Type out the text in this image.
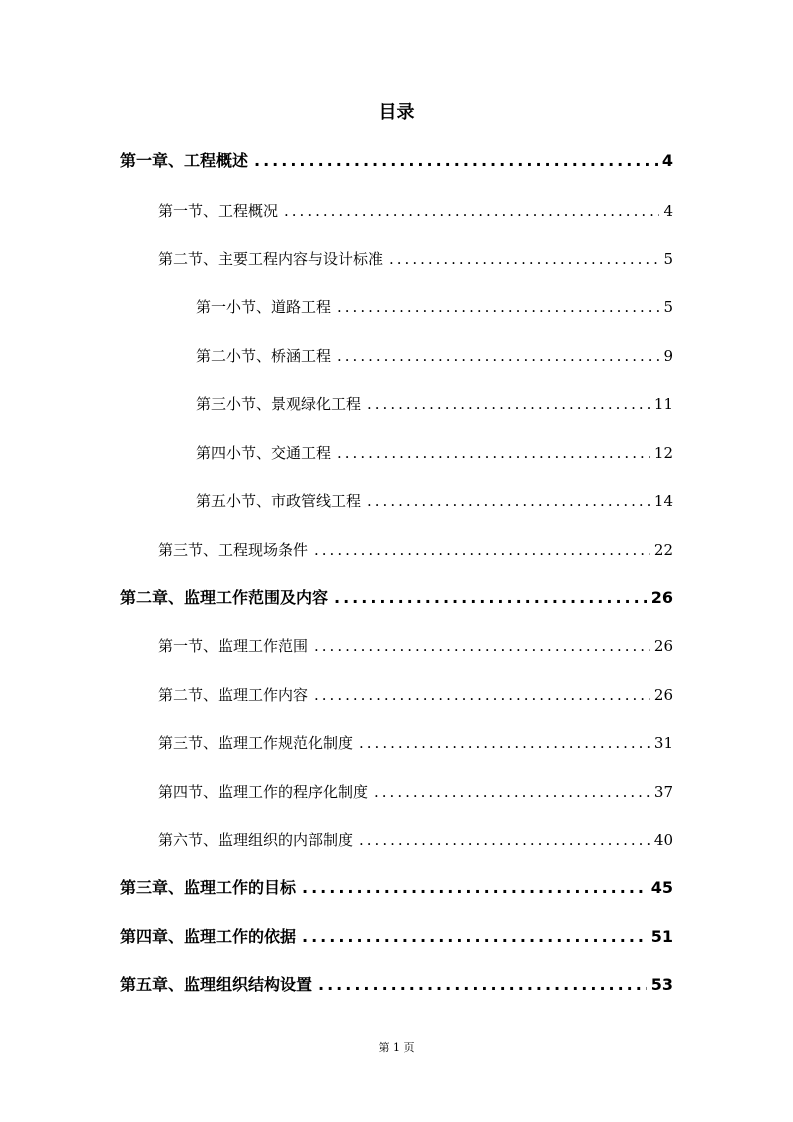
目录
第一章、工程概述 .....	4
第一节、工程概况 .....	4
第二节、主要工程内容与设计标准 .....	5
第一小节、道路工程 .....	5
第二小节、桥涵工程 .....	9
第三小节、景观绿化工程 .....	11
第四小节、交通工程 .....	12
第五小节、市政管线工程 .....	14
第三节、工程现场条件 .....	22
第二章、监理工作范围及内容 .....	26
第一节、监理工作范围 .....	26
第二节、监理工作内容 .....	26
第三节、监理工作规范化制度 .....	31
第四节、监理工作的程序化制度 .....	37
第六节、监理组织的内部制度 .....	40
第三章、监理工作的目标 .....	45
第四章、监理工作的依据 .....	51
第五章、监理组织结构设置 .....	53
第 1 页
